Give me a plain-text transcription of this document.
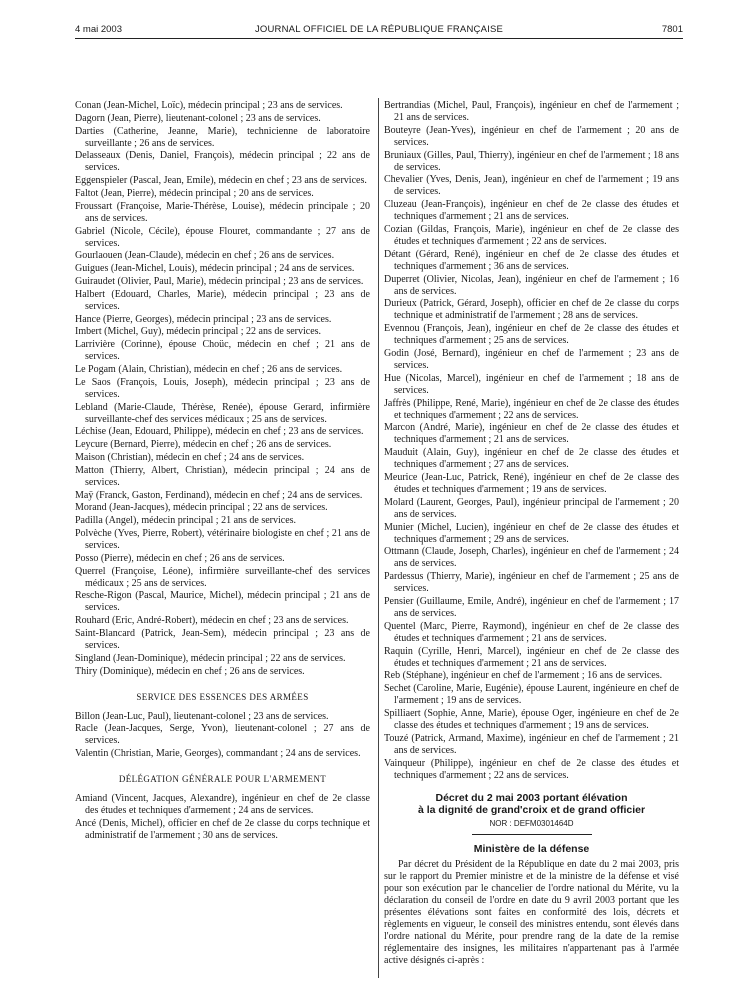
4 mai 2003	JOURNAL OFFICIEL DE LA RÉPUBLIQUE FRANÇAISE	7801
Conan (Jean-Michel, Loïc), médecin principal ; 23 ans de services.
Dagorn (Jean, Pierre), lieutenant-colonel ; 23 ans de services.
Darties (Catherine, Jeanne, Marie), technicienne de laboratoire surveillante ; 26 ans de services.
Delasseaux (Denis, Daniel, François), médecin principal ; 22 ans de services.
Eggenspieler (Pascal, Jean, Emile), médecin en chef ; 23 ans de services.
Faltot (Jean, Pierre), médecin principal ; 20 ans de services.
Froussart (Françoise, Marie-Thérèse, Louise), médecin principale ; 20 ans de services.
Gabriel (Nicole, Cécile), épouse Flouret, commandante ; 27 ans de services.
Gourlaouen (Jean-Claude), médecin en chef ; 26 ans de services.
Guigues (Jean-Michel, Louis), médecin principal ; 24 ans de services.
Guiraudet (Olivier, Paul, Marie), médecin principal ; 23 ans de services.
Halbert (Edouard, Charles, Marie), médecin principal ; 23 ans de services.
Hance (Pierre, Georges), médecin principal ; 23 ans de services.
Imbert (Michel, Guy), médecin principal ; 22 ans de services.
Larrivière (Corinne), épouse Choüc, médecin en chef ; 21 ans de services.
Le Pogam (Alain, Christian), médecin en chef ; 26 ans de services.
Le Saos (François, Louis, Joseph), médecin principal ; 23 ans de services.
Lebland (Marie-Claude, Thérèse, Renée), épouse Gerard, infirmière surveillante-chef des services médicaux ; 25 ans de services.
Léchise (Jean, Edouard, Philippe), médecin en chef ; 23 ans de services.
Leycure (Bernard, Pierre), médecin en chef ; 26 ans de services.
Maison (Christian), médecin en chef ; 24 ans de services.
Matton (Thierry, Albert, Christian), médecin principal ; 24 ans de services.
Maÿ (Franck, Gaston, Ferdinand), médecin en chef ; 24 ans de services.
Morand (Jean-Jacques), médecin principal ; 22 ans de services.
Padilla (Angel), médecin principal ; 21 ans de services.
Polvèche (Yves, Pierre, Robert), vétérinaire biologiste en chef ; 21 ans de services.
Posso (Pierre), médecin en chef ; 26 ans de services.
Querrel (Françoise, Léone), infirmière surveillante-chef des services médicaux ; 25 ans de services.
Resche-Rigon (Pascal, Maurice, Michel), médecin principal ; 21 ans de services.
Rouhard (Eric, André-Robert), médecin en chef ; 23 ans de services.
Saint-Blancard (Patrick, Jean-Sem), médecin principal ; 23 ans de services.
Singland (Jean-Dominique), médecin principal ; 22 ans de services.
Thiry (Dominique), médecin en chef ; 26 ans de services.
SERVICE DES ESSENCES DES ARMÉES
Billon (Jean-Luc, Paul), lieutenant-colonel ; 23 ans de services.
Racle (Jean-Jacques, Serge, Yvon), lieutenant-colonel ; 27 ans de services.
Valentin (Christian, Marie, Georges), commandant ; 24 ans de services.
DÉLÉGATION GÉNÉRALE POUR L'ARMEMENT
Amiand (Vincent, Jacques, Alexandre), ingénieur en chef de 2e classe des études et techniques d'armement ; 24 ans de services.
Ancé (Denis, Michel), officier en chef de 2e classe du corps technique et administratif de l'armement ; 30 ans de services.
Bertrandias (Michel, Paul, François), ingénieur en chef de l'armement ; 21 ans de services.
Bouteyre (Jean-Yves), ingénieur en chef de l'armement ; 20 ans de services.
Bruniaux (Gilles, Paul, Thierry), ingénieur en chef de l'armement ; 18 ans de services.
Chevalier (Yves, Denis, Jean), ingénieur en chef de l'armement ; 19 ans de services.
Cluzeau (Jean-François), ingénieur en chef de 2e classe des études et techniques d'armement ; 21 ans de services.
Cozian (Gildas, François, Marie), ingénieur en chef de 2e classe des études et techniques d'armement ; 22 ans de services.
Détant (Gérard, René), ingénieur en chef de 2e classe des études et techniques d'armement ; 36 ans de services.
Duperret (Olivier, Nicolas, Jean), ingénieur en chef de l'armement ; 16 ans de services.
Durieux (Patrick, Gérard, Joseph), officier en chef de 2e classe du corps technique et administratif de l'armement ; 28 ans de services.
Evennou (François, Jean), ingénieur en chef de 2e classe des études et techniques d'armement ; 25 ans de services.
Godin (José, Bernard), ingénieur en chef de l'armement ; 23 ans de services.
Hue (Nicolas, Marcel), ingénieur en chef de l'armement ; 18 ans de services.
Jaffrès (Philippe, René, Marie), ingénieur en chef de 2e classe des études et techniques d'armement ; 22 ans de services.
Marcon (André, Marie), ingénieur en chef de 2e classe des études et techniques d'armement ; 21 ans de services.
Mauduit (Alain, Guy), ingénieur en chef de 2e classe des études et techniques d'armement ; 27 ans de services.
Meurice (Jean-Luc, Patrick, René), ingénieur en chef de 2e classe des études et techniques d'armement ; 19 ans de services.
Molard (Laurent, Georges, Paul), ingénieur principal de l'armement ; 20 ans de services.
Munier (Michel, Lucien), ingénieur en chef de 2e classe des études et techniques d'armement ; 29 ans de services.
Ottmann (Claude, Joseph, Charles), ingénieur en chef de l'armement ; 24 ans de services.
Pardessus (Thierry, Marie), ingénieur en chef de l'armement ; 25 ans de services.
Pensier (Guillaume, Emile, André), ingénieur en chef de l'armement ; 17 ans de services.
Quentel (Marc, Pierre, Raymond), ingénieur en chef de 2e classe des études et techniques d'armement ; 21 ans de services.
Raquin (Cyrille, Henri, Marcel), ingénieur en chef de 2e classe des études et techniques d'armement ; 21 ans de services.
Reb (Stéphane), ingénieur en chef de l'armement ; 16 ans de services.
Sechet (Caroline, Marie, Eugénie), épouse Laurent, ingénieure en chef de l'armement ; 19 ans de services.
Spilliaert (Sophie, Anne, Marie), épouse Oger, ingénieure en chef de 2e classe des études et techniques d'armement ; 19 ans de services.
Touzé (Patrick, Armand, Maxime), ingénieur en chef de l'armement ; 21 ans de services.
Vainqueur (Philippe), ingénieur en chef de 2e classe des études et techniques d'armement ; 22 ans de services.
Décret du 2 mai 2003 portant élévation
à la dignité de grand'croix et de grand officier
NOR : DEFM0301464D
Ministère de la défense

Par décret du Président de la République en date du 2 mai 2003, pris sur le rapport du Premier ministre et de la ministre de la défense et visé pour son exécution par le chancelier de l'ordre national du Mérite, vu la déclaration du conseil de l'ordre en date du 9 avril 2003 portant que les présentes élévations sont faites en conformité des lois, décrets et règlements en vigueur, le conseil des ministres entendu, sont élevés dans l'ordre national du Mérite, pour prendre rang de la date de la remise réglementaire des insignes, les militaires n'appartenant pas à l'armée active désignés ci-après :
